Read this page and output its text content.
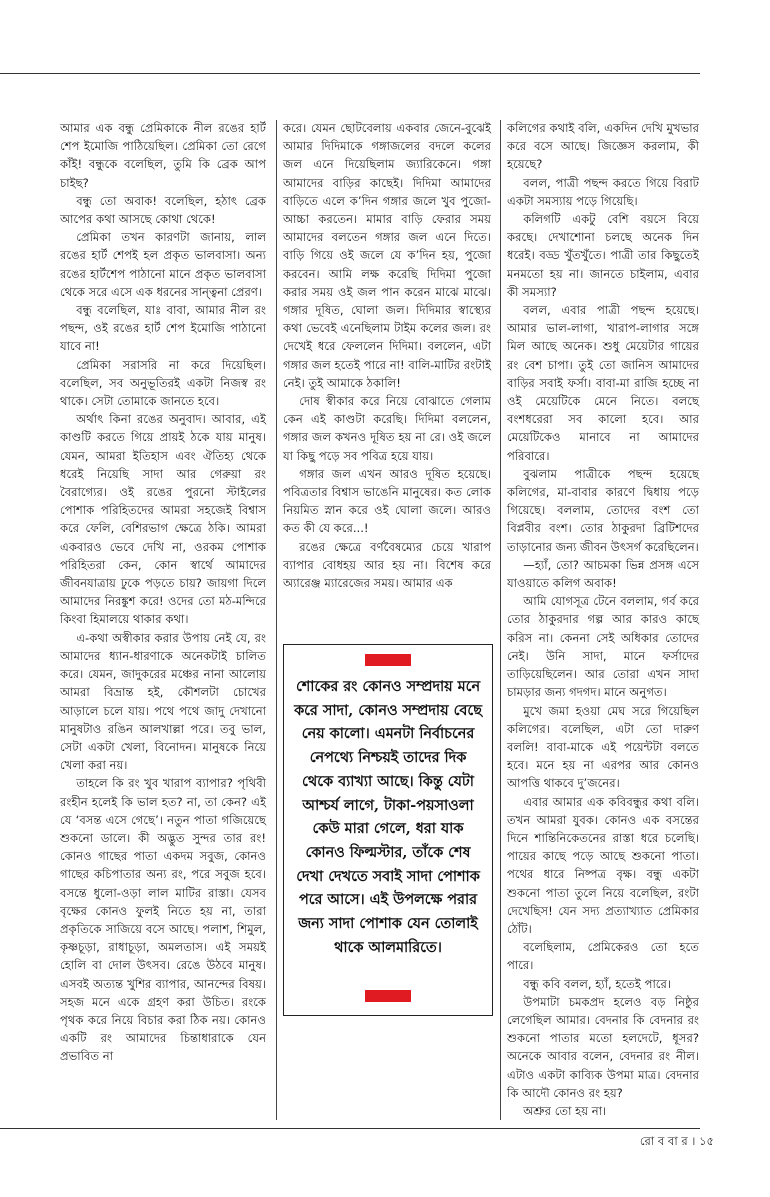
আমার এক বন্ধু প্রেমিকাকে নীল রঙের হার্ট শেপ ইমোজি পাঠিয়েছিল। প্রেমিকা তো রেগে কাঁই! বন্ধুকে বলেছিল, তুমি কি ব্রেক আপ চাইছ?

বন্ধু তো অবাক! বলেছিল, হঠাৎ ব্রেক আপের কথা আসছে কোথা থেকে!

প্রেমিকা তখন কারণটা জানায়, লাল রঙের হার্ট শেপই হল প্রকৃত ভালবাসা। অন্য রঙের হার্টশেপ পাঠানো মানে প্রকৃত ভালবাসা থেকে সরে এসে এক ধরনের সান্ত্বনা প্রেরণ।

বন্ধু বলেছিল, যাঃ বাবা, আমার নীল রং পছন্দ, ওই রঙের হার্ট শেপ ইমোজি পাঠানো যাবে না!

প্রেমিকা সরাসরি না করে দিয়েছিল। বলেছিল, সব অনুভূতিরই একটা নিজস্ব রং থাকে। সেটা তোমাকে জানতে হবে।

অর্থাৎ কিনা রঙের অনুবাদ। আবার, এই কাণ্ডটি করতে গিয়ে প্রায়ই ঠকে যায় মানুষ। যেমন, আমরা ইতিহাস এবং ঐতিহ্য থেকে ধরেই নিয়েছি সাদা আর গেরুয়া রং বৈরাগ্যের। ওই রঙের পুরনো স্টাইলের পোশাক পরিহিতদের আমরা সহজেই বিশ্বাস করে ফেলি, বেশিরভাগ ক্ষেত্রে ঠকি। আমরা একবারও ভেবে দেখি না, ওরকম পোশাক পরিহিতরা কেন, কোন স্বার্থে আমাদের জীবনযাত্রায় ঢুকে পড়তে চায়? জায়গা দিলে আমাদের নিরঙ্কুশ করে! ওদের তো মঠ-মন্দিরে কিংবা হিমালয়ে থাকার কথা।

এ-কথা অস্বীকার করার উপায় নেই যে, রং আমাদের ধ্যান-ধারণাকে অনেকটাই চালিত করে। যেমন, জাদুকরের মঞ্চের নানা আলোয় আমরা বিভ্রান্ত হই, কৌশলটা চোখের আড়ালে চলে যায়। পথে পথে জাদু দেখানো মানুষটাও রঙিন আলখাল্লা পরে। তবু ভাল, সেটা একটা খেলা, বিনোদন। মানুষকে নিয়ে খেলা করা নয়।

তাহলে কি রং খুব খারাপ ব্যাপার? পৃথিবী রংহীন হলেই কি ভাল হত? না, তা কেন? এই যে ‘বসন্ত এসে গেছে’। নতুন পাতা গজিয়েছে শুকনো ডালে। কী অদ্ভুত সুন্দর তার রং! কোনও গাছের পাতা একদম সবুজ, কোনও গাছের কচিপাতার অন্য রং, পরে সবুজ হবে। বসন্তে ধুলো-ওড়া লাল মাটির রাস্তা। যেসব বৃক্ষের কোনও ফুলই নিতে হয় না, তারা প্রকৃতিকে সাজিয়ে বসে আছে। পলাশ, শিমুল, কৃষ্ণচূড়া, রাধাচূড়া, অমলতাস। এই সময়ই হোলি বা দোল উৎসব। রেঙে উঠবে মানুষ। এসবই অত্যন্ত খুশির ব্যাপার, আনন্দের বিষয়। সহজ মনে একে গ্রহণ করা উচিত। রংকে পৃথক করে নিয়ে বিচার করা ঠিক নয়। কোনও একটি রং আমাদের চিন্তাধারাকে যেন প্রভাবিত না

করে। যেমন ছোটবেলায় একবার জেনে-বুঝেই আমার দিদিমাকে গঙ্গাজলের বদলে কলের জল এনে দিয়েছিলাম জ্যারিকেনে। গঙ্গা আমাদের বাড়ির কাছেই। দিদিমা আমাদের বাড়িতে এলে ক’দিন গঙ্গার জলে খুব পুজো-আচ্চা করতেন। মামার বাড়ি ফেরার সময় আমাদের বলতেন গঙ্গার জল এনে দিতে। বাড়ি গিয়ে ওই জলে যে ক’দিন হয়, পুজো করবেন। আমি লক্ষ করেছি দিদিমা পুজো করার সময় ওই জল পান করেন মাঝে মাঝে। গঙ্গার দূষিত, ঘোলা জল। দিদিমার স্বাস্থ্যের কথা ভেবেই এনেছিলাম টাইম কলের জল। রং দেখেই ধরে ফেললেন দিদিমা। বললেন, এটা গঙ্গার জল হতেই পারে না! বালি-মাটির রংটাই নেই। তুই আমাকে ঠকালি!

দোষ স্বীকার করে নিয়ে বোঝাতে গেলাম কেন এই কাণ্ডটা করেছি। দিদিমা বললেন, গঙ্গার জল কখনও দূষিত হয় না রে। ওই জলে যা কিছু পড়ে সব পবিত্র হয়ে যায়।

গঙ্গার জল এখন আরও দূষিত হয়েছে। পবিত্রতার বিশ্বাস ভাঙেনি মানুষের। কত লোক নিয়মিত স্নান করে ওই ঘোলা জলে। আরও কত কী যে করে...!

রঙের ক্ষেত্রে বর্ণবৈষম্যের চেয়ে খারাপ ব্যাপার বোধহয় আর হয় না। বিশেষ করে অ্যারেঞ্জ ম্যারেজের সময়। আমার এক

শোকের রং কোনও সম্প্রদায় মনে করে সাদা, কোনও সম্প্রদায় বেছে নেয় কালো। এমনটা নির্বাচনের নেপথ্যে নিশ্চয়ই তাদের দিক থেকে ব্যাখ্যা আছে। কিন্তু যেটা আশ্চর্য লাগে, টাকা-পয়সাওলা কেউ মারা গেলে, ধরা যাক কোনও ফিল্মস্টার, তাঁকে শেষ দেখা দেখতে সবাই সাদা পোশাক পরে আসে। এই উপলক্ষে পরার জন্য সাদা পোশাক যেন তোলাই থাকে আলমারিতে।

কলিগের কথাই বলি, একদিন দেখি মুখভার করে বসে আছে। জিজ্ঞেস করলাম, কী হয়েছে?

বলল, পাত্রী পছন্দ করতে গিয়ে বিরাট একটা সমস্যায় পড়ে গিয়েছি।

কলিগটি একটু বেশি বয়সে বিয়ে করছে। দেখাশোনা চলছে অনেক দিন ধরেই। বড্ড খুঁতখুঁতে। পাত্রী তার কিছুতেই মনমতো হয় না। জানতে চাইলাম, এবার কী সমস্যা?

বলল, এবার পাত্রী পছন্দ হয়েছে। আমার ভাল-লাগা, খারাপ-লাগার সঙ্গে মিল আছে অনেক। শুধু মেয়েটার গায়ের রং বেশ চাপা। তুই তো জানিস আমাদের বাড়ির সবাই ফর্সা। বাবা-মা রাজি হচ্ছে না ওই মেয়েটিকে মেনে নিতে। বলছে বংশধরেরা সব কালো হবে। আর মেয়েটিকেও মানাবে না আমাদের পরিবারে।

বুঝলাম পাত্রীকে পছন্দ হয়েছে কলিগের, মা-বাবার কারণে দ্বিধায় পড়ে গিয়েছে। বললাম, তোদের বংশ তো বিপ্লবীর বংশ। তোর ঠাকুরদা ব্রিটিশদের তাড়ানোর জন্য জীবন উৎসর্গ করেছিলেন।

—হ্যাঁ, তো? আচমকা ভিন্ন প্রসঙ্গ এসে যাওয়াতে কলিগ অবাক!

আমি যোগসূত্র টেনে বললাম, গর্ব করে তোর ঠাকুরদার গল্প আর কারও কাছে করিস না। কেননা সেই অধিকার তোদের নেই। উনি সাদা, মানে ফর্সাদের তাড়িয়েছিলেন। আর তোরা এখন সাদা চামড়ার জন্য গদগদ। মানে অনুগত।

মুখে জমা হওয়া মেঘ সরে গিয়েছিল কলিগের। বলেছিল, এটা তো দারুণ বললি! বাবা-মাকে এই পয়েন্টটা বলতে হবে। মনে হয় না এরপর আর কোনও আপত্তি থাকবে দু’জনের।

এবার আমার এক কবিবন্ধুর কথা বলি। তখন আমরা যুবক। কোনও এক বসন্তের দিনে শান্তিনিকেতনের রাস্তা ধরে চলেছি। পায়ের কাছে পড়ে আছে শুকনো পাতা। পথের ধারে নিষ্পত্র বৃক্ষ। বন্ধু একটা শুকনো পাতা তুলে নিয়ে বলেছিল, রংটা দেখেছিস! যেন সদ্য প্রত্যাখ্যাত প্রেমিকার ঠোঁট।

বলেছিলাম, প্রেমিকেরও তো হতে পারে।

বন্ধু কবি বলল, হ্যাঁ, হতেই পারে।

উপমাটা চমকপ্রদ হলেও বড় নিষ্ঠুর লেগেছিল আমার। বেদনার কি বেদনার রং শুকনো পাতার মতো হলদেটে, ধূসর? অনেকে আবার বলেন, বেদনার রং নীল। এটাও একটা কাব্যিক উপমা মাত্র। বেদনার কি আদৌ কোনও রং হয়?

অশ্রুর তো হয় না।

রো ব বা র । ১৫
